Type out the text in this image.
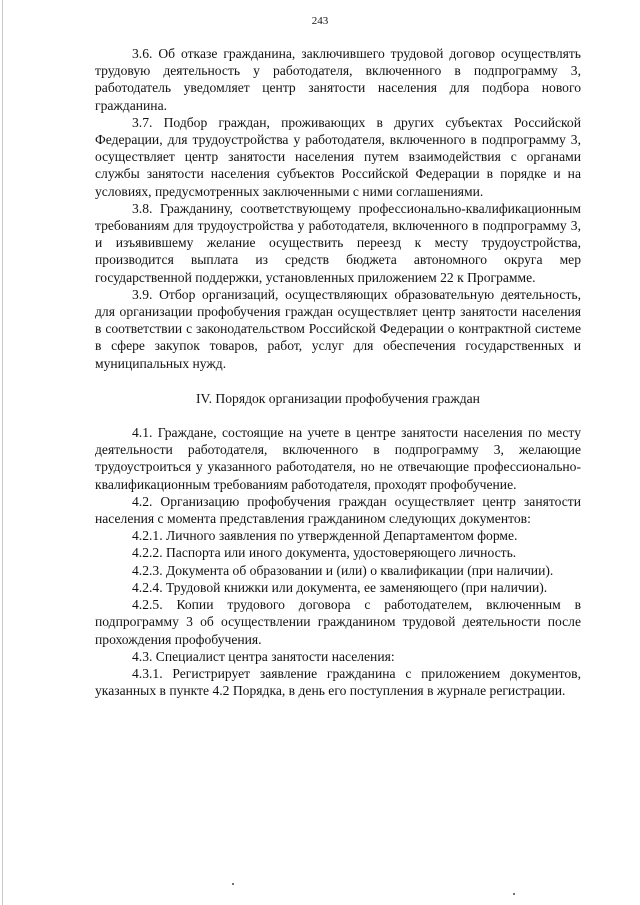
243

3.6. Об отказе гражданина, заключившего трудовой договор осуществлять трудовую деятельность у работодателя, включенного в подпрограмму 3, работодатель уведомляет центр занятости населения для подбора нового гражданина.

3.7. Подбор граждан, проживающих в других субъектах Российской Федерации, для трудоустройства у работодателя, включенного в подпрограмму 3, осуществляет центр занятости населения путем взаимодействия с органами службы занятости населения субъектов Российской Федерации в порядке и на условиях, предусмотренных заключенными с ними соглашениями.

3.8. Гражданину, соответствующему профессионально-квалификационным требованиям для трудоустройства у работодателя, включенного в подпрограмму 3, и изъявившему желание осуществить переезд к месту трудоустройства, производится выплата из средств бюджета автономного округа мер государственной поддержки, установленных приложением 22 к Программе.

3.9. Отбор организаций, осуществляющих образовательную деятельность, для организации профобучения граждан осуществляет центр занятости населения в соответствии с законодательством Российской Федерации о контрактной системе в сфере закупок товаров, работ, услуг для обеспечения государственных и муниципальных нужд.

IV. Порядок организации профобучения граждан

4.1. Граждане, состоящие на учете в центре занятости населения по месту деятельности работодателя, включенного в подпрограмму 3, желающие трудоустроиться у указанного работодателя, но не отвечающие профессионально-квалификационным требованиям работодателя, проходят профобучение.

4.2. Организацию профобучения граждан осуществляет центр занятости населения с момента представления гражданином следующих документов:

4.2.1. Личного заявления по утвержденной Департаментом форме.

4.2.2. Паспорта или иного документа, удостоверяющего личность.

4.2.3. Документа об образовании и (или) о квалификации (при наличии).

4.2.4. Трудовой книжки или документа, ее заменяющего (при наличии).

4.2.5. Копии трудового договора с работодателем, включенным в подпрограмму 3 об осуществлении гражданином трудовой деятельности после прохождения профобучения.

4.3. Специалист центра занятости населения:

4.3.1. Регистрирует заявление гражданина с приложением документов, указанных в пункте 4.2 Порядка, в день его поступления в журнале регистрации.
